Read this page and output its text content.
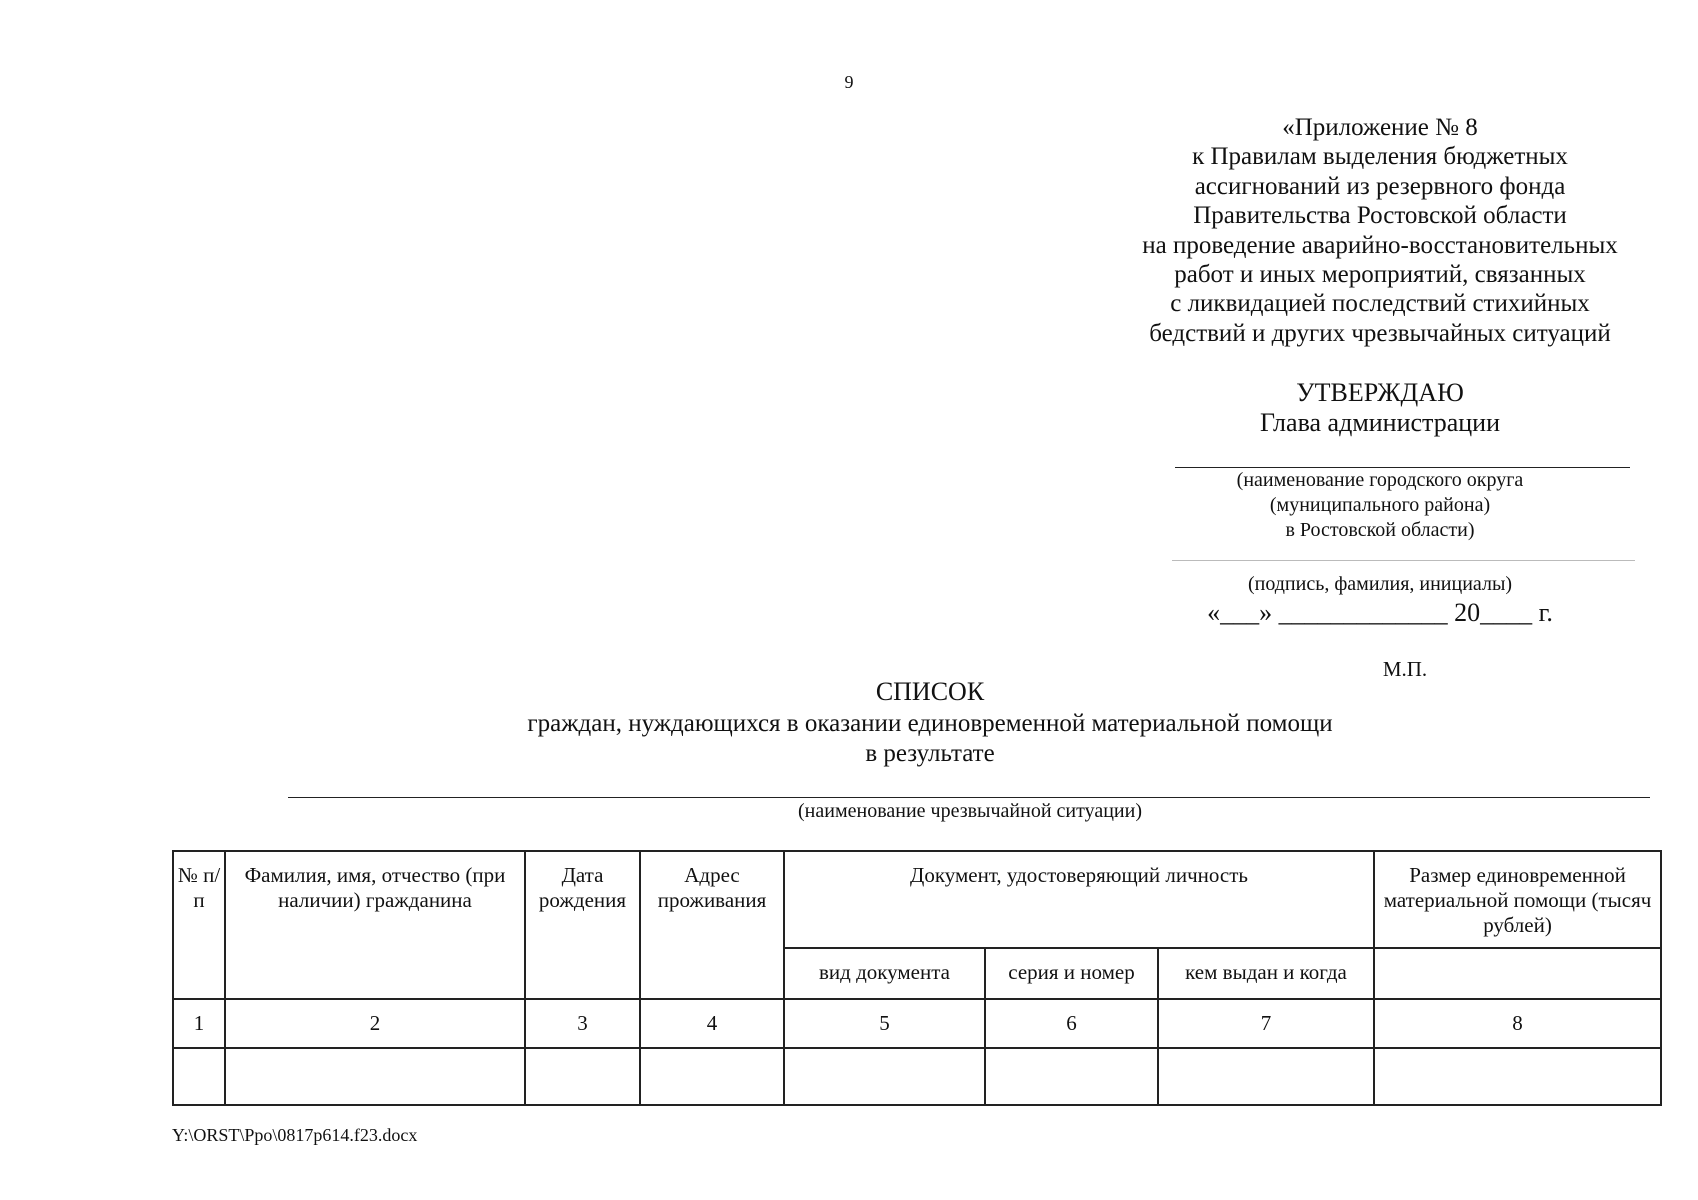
9
«Приложение № 8
к Правилам выделения бюджетных
ассигнований из резервного фонда
Правительства Ростовской области
на проведение аварийно-восстановительных
работ и иных мероприятий, связанных
с ликвидацией последствий стихийных
бедствий и других чрезвычайных ситуаций
УТВЕРЖДАЮ
Глава администрации
(наименование городского округа
(муниципального района)
в Ростовской области)
(подпись, фамилия, инициалы)
«___» _____________ 20____ г.
М.П.
СПИСОК
граждан, нуждающихся в оказании единовременной материальной помощи
в результате
(наименование чрезвычайной ситуации)
№ п/п	Фамилия, имя, отчество (при наличии) гражданина	Дата рождения	Адрес проживания	Документ, удостоверяющий личность			Размер единовременной материальной помощи (тысяч рублей)
				вид документа	серия и номер	кем выдан и когда	
1	2	3	4	5	6	7	8

Y:\ORST\Ppo\0817p614.f23.docx
